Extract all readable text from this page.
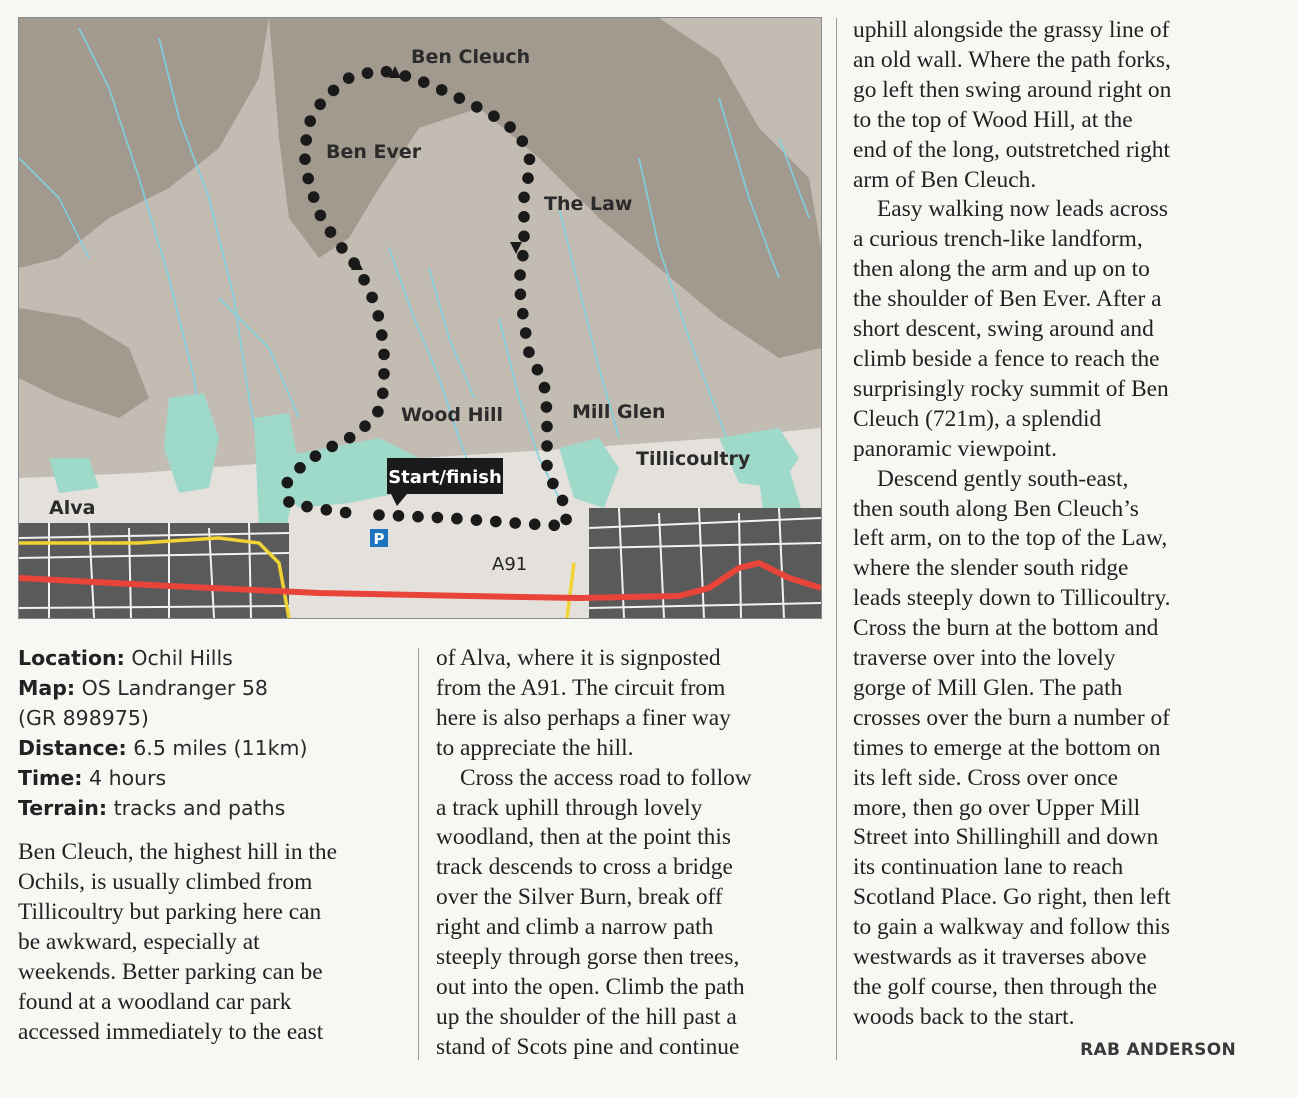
A91
Ben Cleuch
Ben Ever
The Law
Wood Hill	Mill Glen
Tillicoultry
Alva
Start/finish
P

Location: Ochil Hills
Map: OS Landranger 58
(GR 898975)
Distance: 6.5 miles (11km)
Time: 4 hours
Terrain: tracks and paths

Ben Cleuch, the highest hill in the
Ochils, is usually climbed from
Tillicoultry but parking here can
be awkward, especially at
weekends. Better parking can be
found at a woodland car park
accessed immediately to the east

of Alva, where it is signposted
from the A91. The circuit from
here is also perhaps a finer way
to appreciate the hill.

Cross the access road to follow
a track uphill through lovely
woodland, then at the point this
track descends to cross a bridge
over the Silver Burn, break off
right and climb a narrow path
steeply through gorse then trees,
out into the open. Climb the path
up the shoulder of the hill past a
stand of Scots pine and continue

uphill alongside the grassy line of
an old wall. Where the path forks,
go left then swing around right on
to the top of Wood Hill, at the
end of the long, outstretched right
arm of Ben Cleuch.

Easy walking now leads across
a curious trench-like landform,
then along the arm and up on to
the shoulder of Ben Ever. After a
short descent, swing around and
climb beside a fence to reach the
surprisingly rocky summit of Ben
Cleuch (721m), a splendid
panoramic viewpoint.

Descend gently south-east,
then south along Ben Cleuch’s
left arm, on to the top of the Law,
where the slender south ridge
leads steeply down to Tillicoultry.
Cross the burn at the bottom and
traverse over into the lovely
gorge of Mill Glen. The path
crosses over the burn a number of
times to emerge at the bottom on
its left side. Cross over once
more, then go over Upper Mill
Street into Shillinghill and down
its continuation lane to reach
Scotland Place. Go right, then left
to gain a walkway and follow this
westwards as it traverses above
the golf course, then through the
woods back to the start.

RAB ANDERSON
